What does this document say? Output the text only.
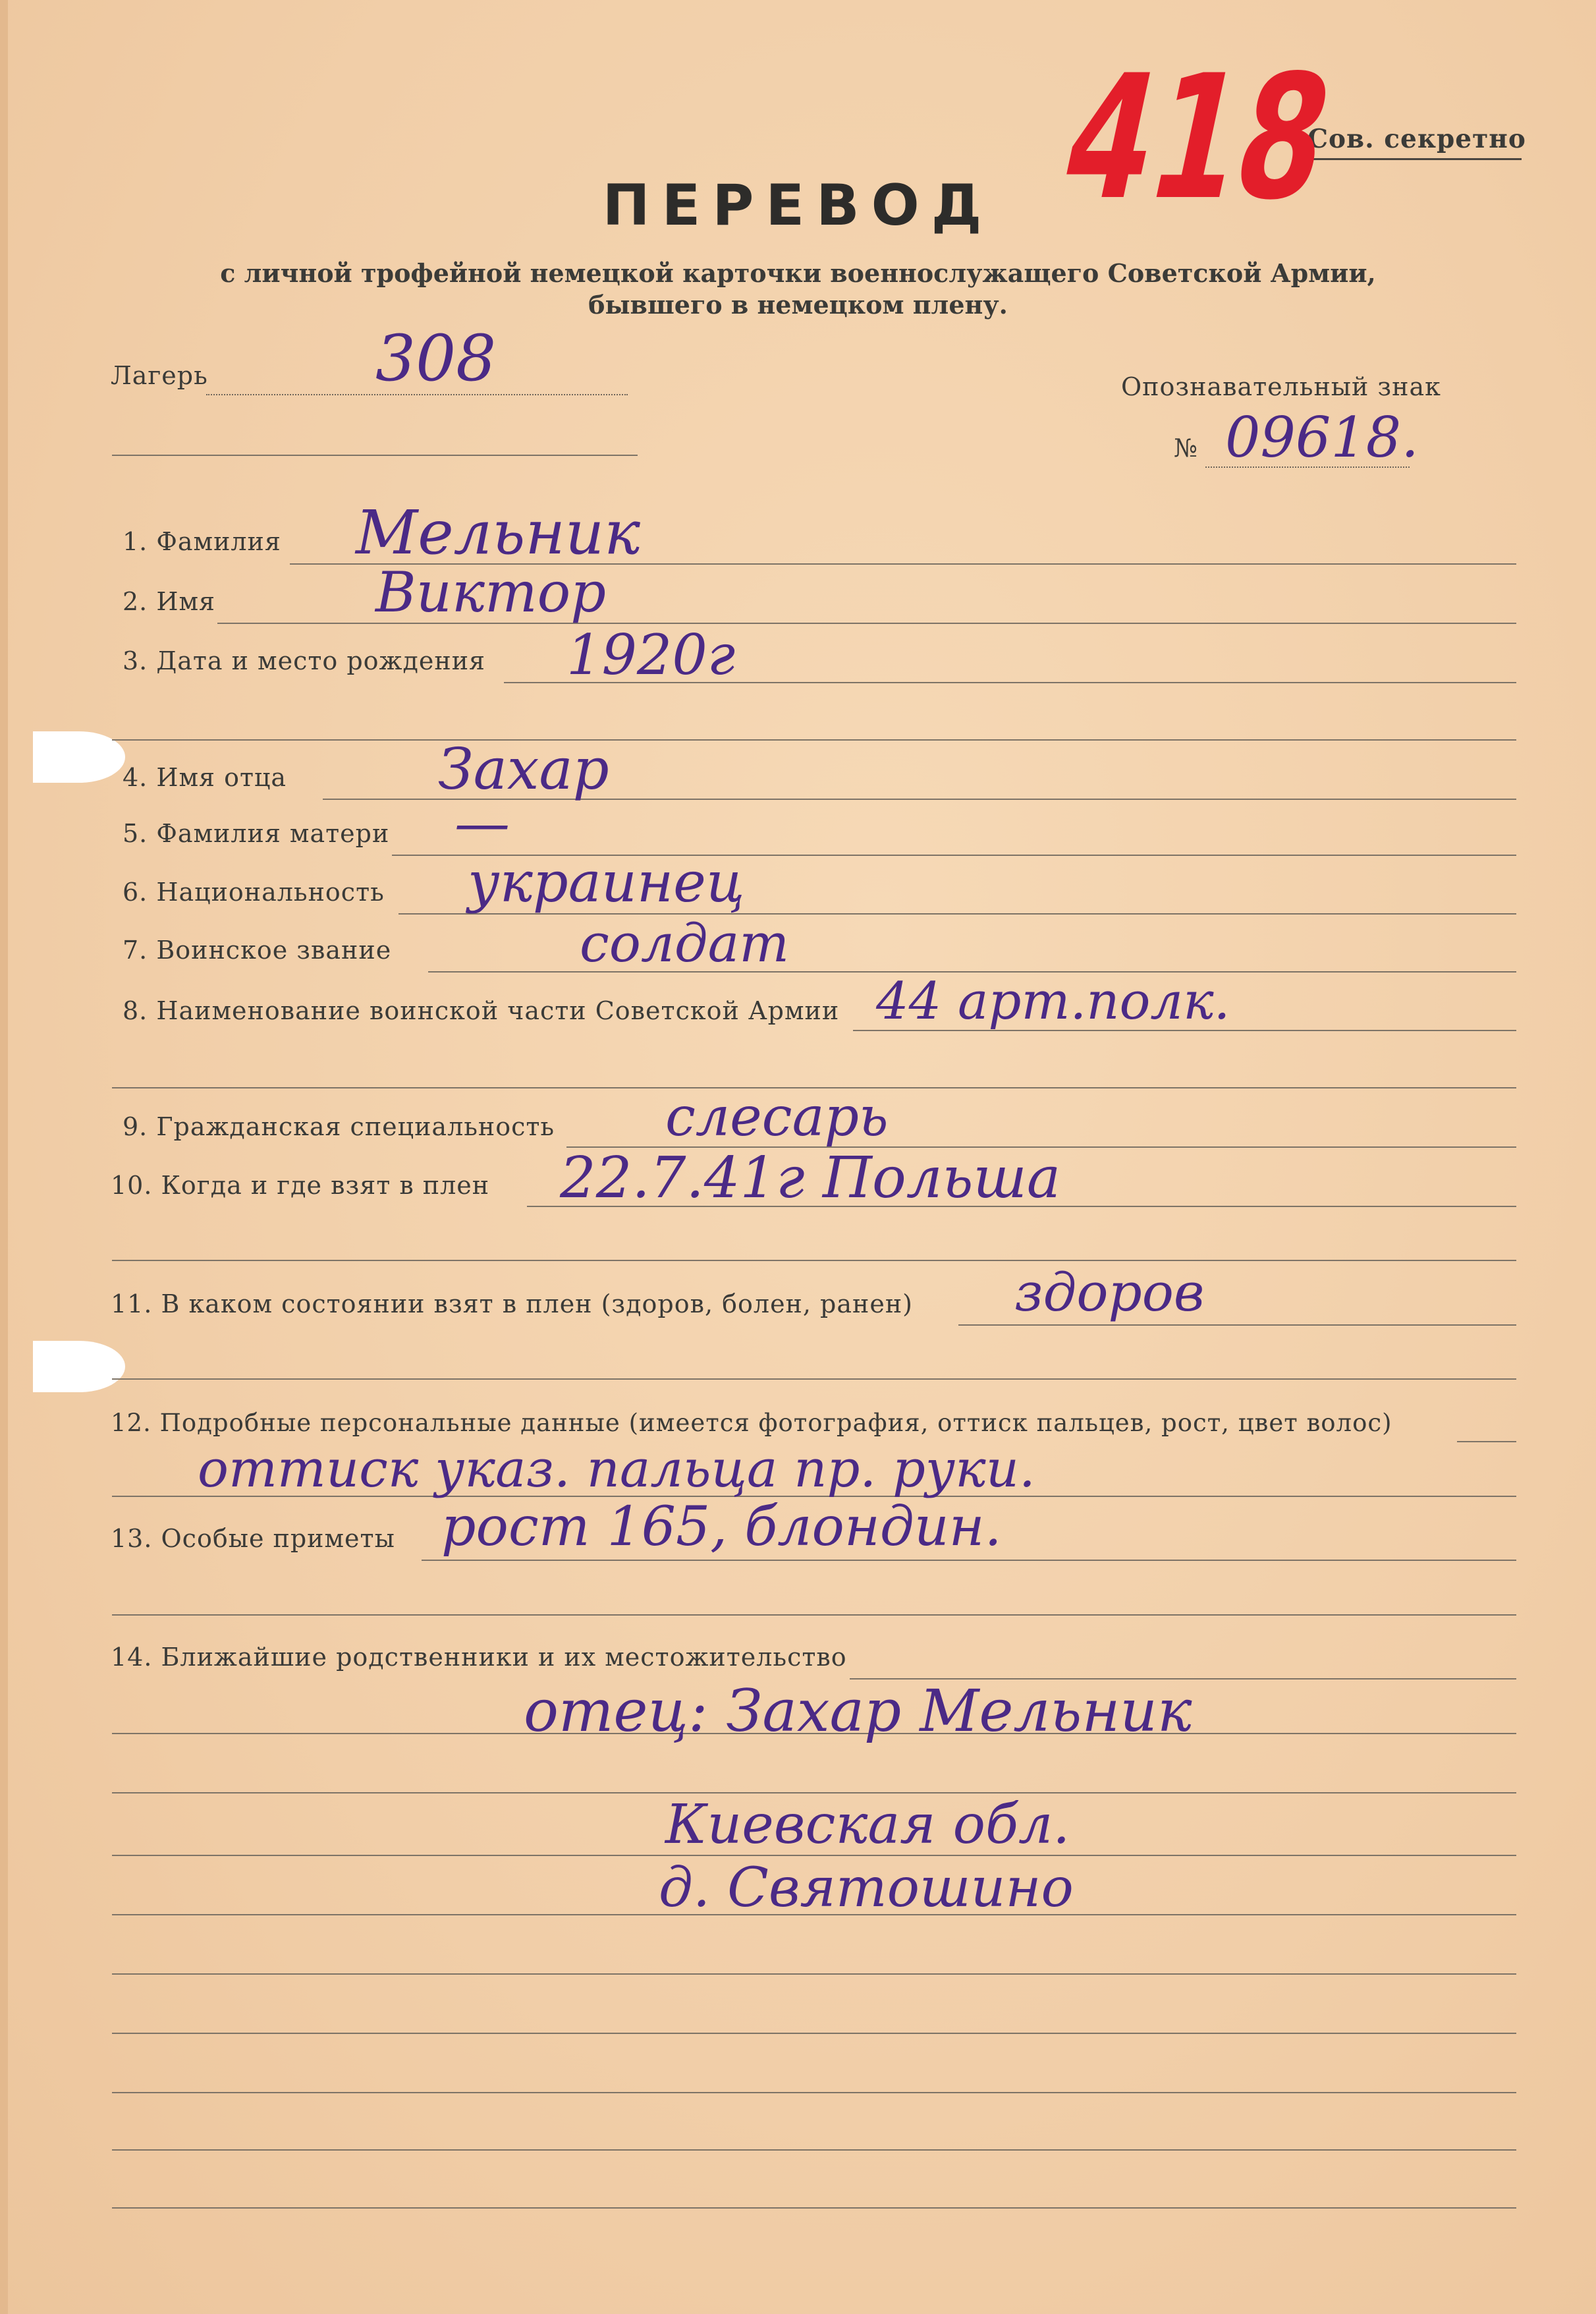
Сов. секретно
418
ПЕРЕВОД
с личной трофейной немецкой карточки военнослужащего Советской Армии,
бывшего в немецком плену.
Лагерь	308	Опознавательный знак
№ 09618.
1. Фамилия Мельник
2. Имя	Виктор
3. Дата и место рождения 1920г
4. Имя отца	Захар
5. Фамилия матери —
6. Национальность украинец
7. Воинское звание	солдат
8. Наименование воинской части Советской Армии 44 арт.полк.
9. Гражданская специальность слесарь
10. Когда и где взят в плен 22.7.41г Польша
11. В каком состоянии взят в плен (здоров, болен, ранен) здоров
12. Подробные персональные данные (имеется фотография, оттиск пальцев, рост, цвет волос)
оттиск указ. пальца пр. руки.
13. Особые приметы рост 165, блондин.
14. Ближайшие родственники и их местожительство
отец: Захар Мельник
Киевская обл.
д. Святошино
